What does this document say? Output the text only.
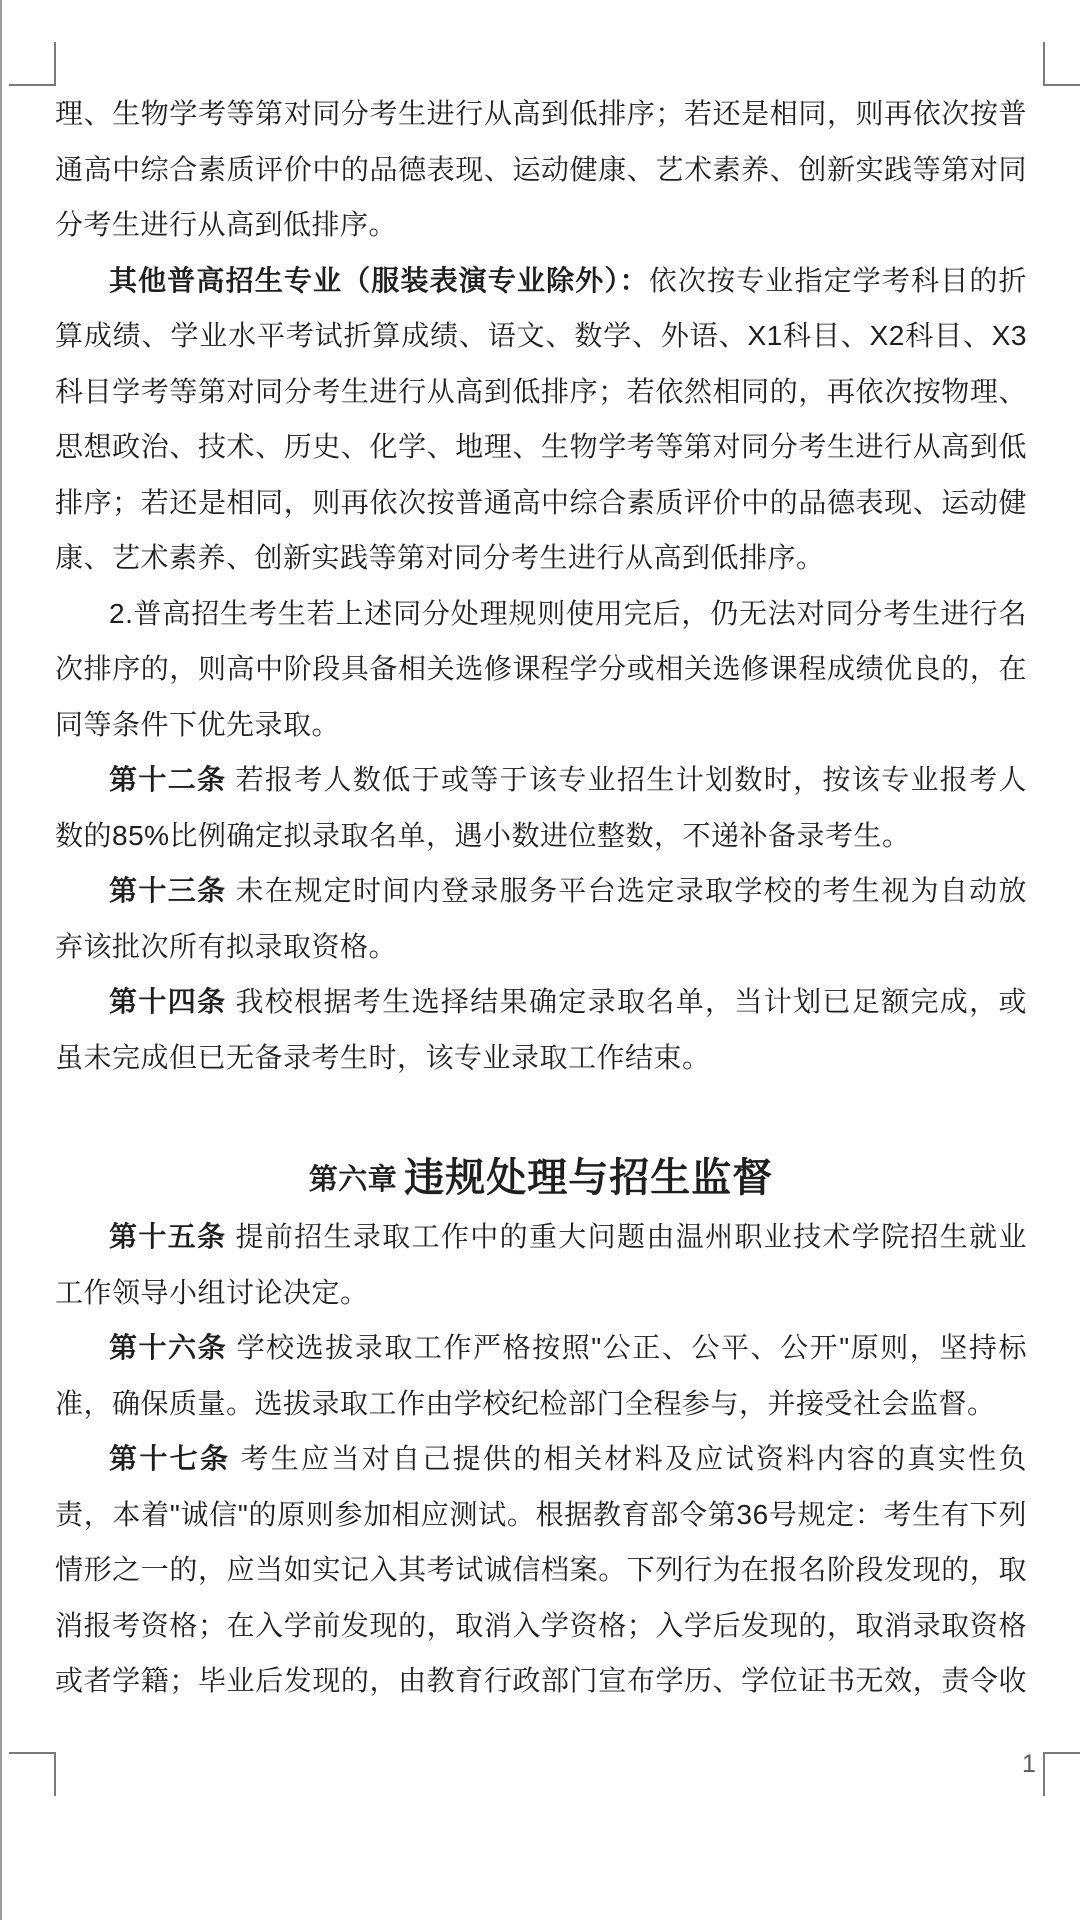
理、生物学考等第对同分考生进行从高到低排序；若还是相同，则再依次按普
通高中综合素质评价中的品德表现、运动健康、艺术素养、创新实践等第对同
分考生进行从高到低排序。
其他普高招生专业（服装表演专业除外）：依次按专业指定学考科目的折
算成绩、学业水平考试折算成绩、语文、数学、外语、X1科目、X2科目、X3
科目学考等第对同分考生进行从高到低排序；若依然相同的，再依次按物理、
思想政治、技术、历史、化学、地理、生物学考等第对同分考生进行从高到低
排序；若还是相同，则再依次按普通高中综合素质评价中的品德表现、运动健
康、艺术素养、创新实践等第对同分考生进行从高到低排序。
2.普高招生考生若上述同分处理规则使用完后，仍无法对同分考生进行名
次排序的，则高中阶段具备相关选修课程学分或相关选修课程成绩优良的，在
同等条件下优先录取。
第十二条 若报考人数低于或等于该专业招生计划数时，按该专业报考人
数的85%比例确定拟录取名单，遇小数进位整数，不递补备录考生。
第十三条 未在规定时间内登录服务平台选定录取学校的考生视为自动放
弃该批次所有拟录取资格。
第十四条 我校根据考生选择结果确定录取名单，当计划已足额完成，或
虽未完成但已无备录考生时，该专业录取工作结束。
第六章 违规处理与招生监督
第十五条 提前招生录取工作中的重大问题由温州职业技术学院招生就业
工作领导小组讨论决定。
第十六条 学校选拔录取工作严格按照"公正、公平、公开"原则，坚持标
准，确保质量。选拔录取工作由学校纪检部门全程参与，并接受社会监督。
第十七条 考生应当对自己提供的相关材料及应试资料内容的真实性负
责，本着"诚信"的原则参加相应测试。根据教育部令第36号规定：考生有下列
情形之一的，应当如实记入其考试诚信档案。下列行为在报名阶段发现的，取
消报考资格；在入学前发现的，取消入学资格；入学后发现的，取消录取资格
或者学籍；毕业后发现的，由教育行政部门宣布学历、学位证书无效，责令收
1
